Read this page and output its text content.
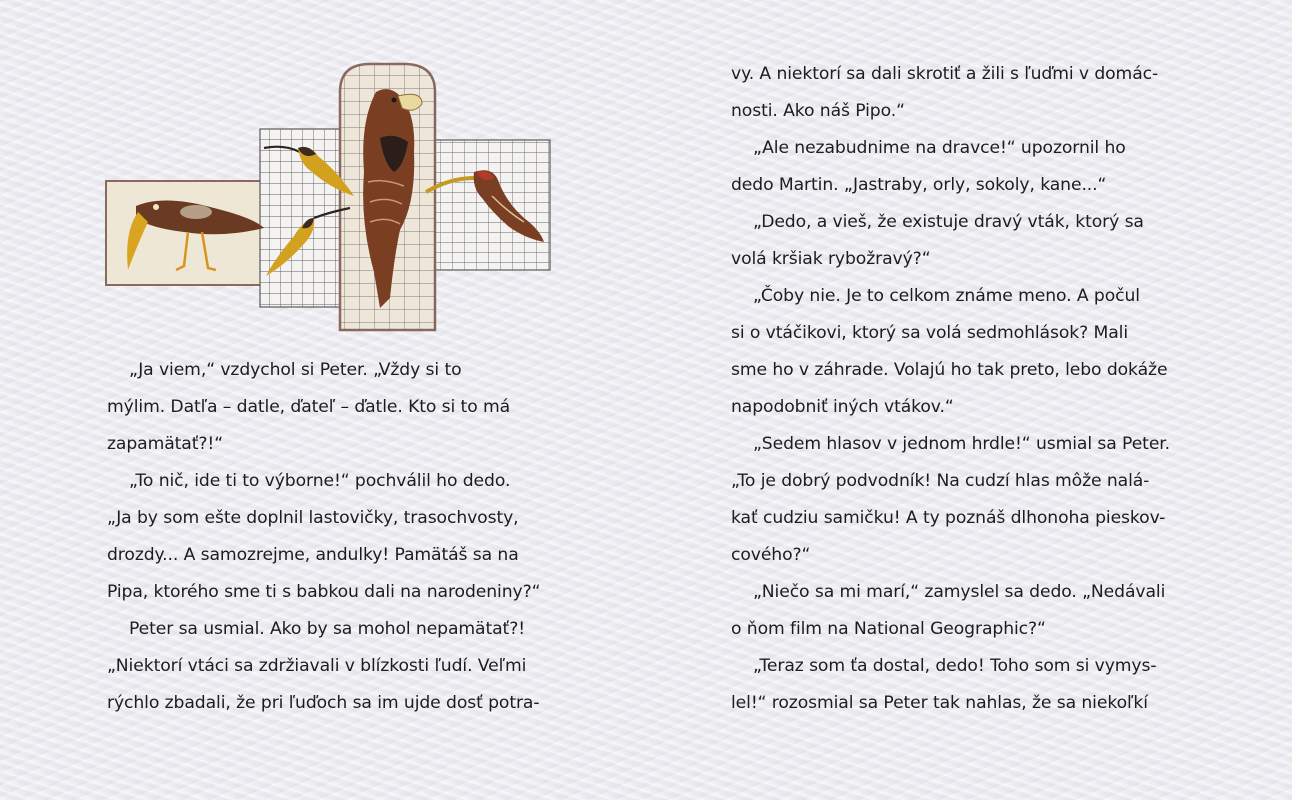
„Ja viem,“ vzdychol si Peter. „Vždy si to
mýlim. Datľa – datle, ďateľ – ďatle. Kto si to má
zapamätať?!“
„To nič, ide ti to výborne!“ pochválil ho dedo.
„Ja by som ešte doplnil lastovičky, trasochvosty,
drozdy... A samozrejme, andulky! Pamätáš sa na
Pipa, ktorého sme ti s babkou dali na narodeniny?“
Peter sa usmial. Ako by sa mohol nepamätať?!
„Niektorí vtáci sa zdržiavali v blízkosti ľudí. Veľmi
rýchlo zbadali, že pri ľuďoch sa im ujde dosť potra-
vy. A niektorí sa dali skrotiť a žili s ľuďmi v domác-
nosti. Ako náš Pipo.“
„Ale nezabudnime na dravce!“ upozornil ho
dedo Martin. „Jastraby, orly, sokoly, kane...“
„Dedo, a vieš, že existuje dravý vták, ktorý sa
volá kršiak rybožravý?“
„Čoby nie. Je to celkom známe meno. A počul
si o vtáčikovi, ktorý sa volá sedmohlások? Mali
sme ho v záhrade. Volajú ho tak preto, lebo dokáže
napodobniť iných vtákov.“
„Sedem hlasov v jednom hrdle!“ usmial sa Peter.
„To je dobrý podvodník! Na cudzí hlas môže nalá-
kať cudziu samičku! A ty poznáš dlhonoha pieskov-
cového?“
„Niečo sa mi marí,“ zamyslel sa dedo. „Nedávali
o ňom film na National Geographic?“
„Teraz som ťa dostal, dedo! Toho som si vymys-
lel!“ rozosmial sa Peter tak nahlas, že sa niekoľkí
